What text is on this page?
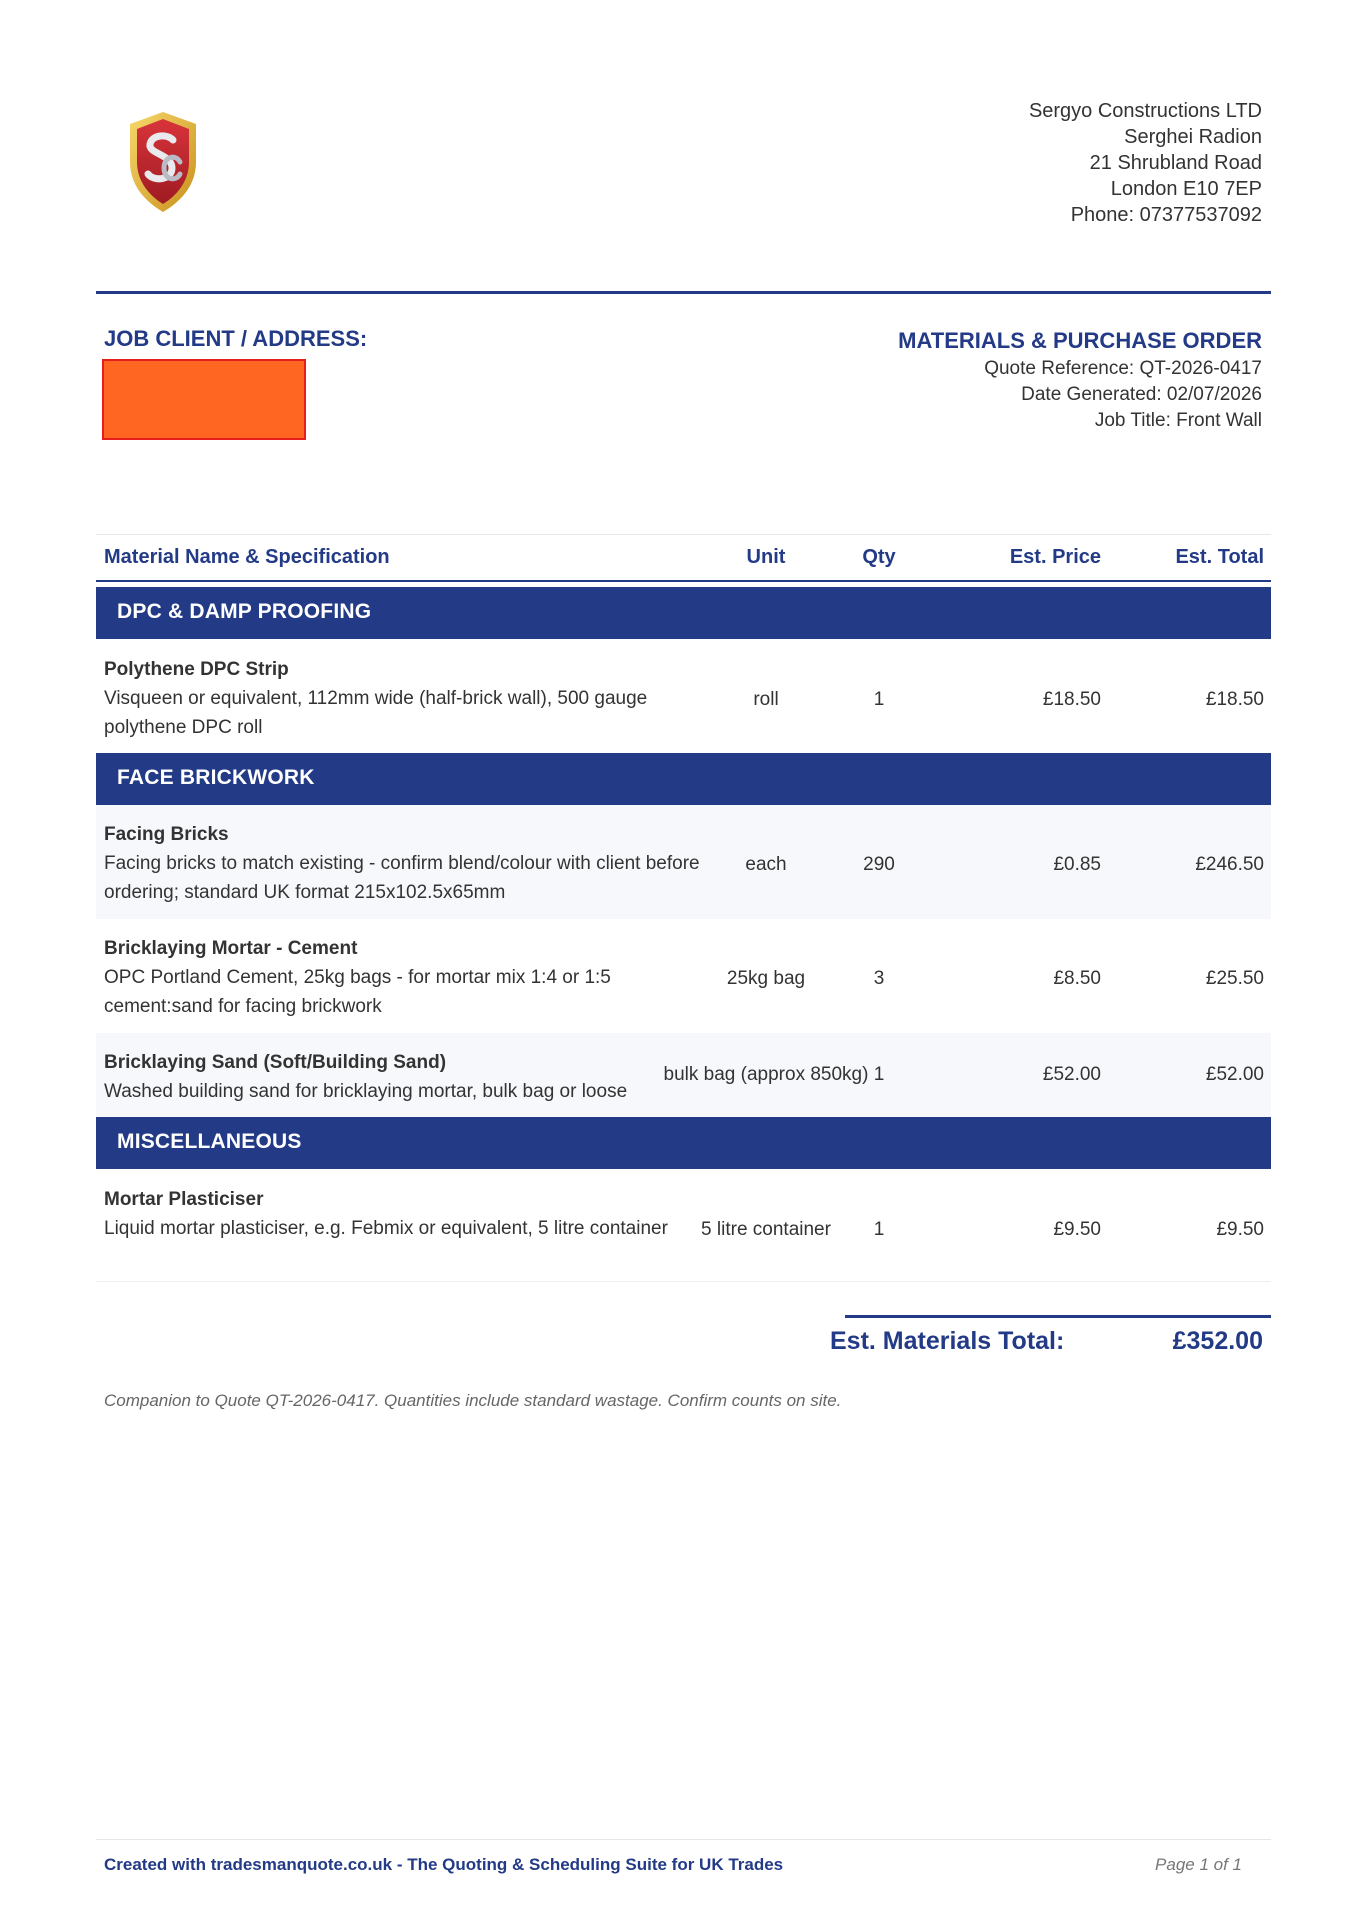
Sergyo Constructions LTD
Serghei Radion
21 Shrubland Road
London E10 7EP
Phone: 07377537092
JOB CLIENT / ADDRESS:	MATERIALS & PURCHASE ORDER
Quote Reference: QT-2026-0417
Date Generated: 02/07/2026
Job Title: Front Wall
Material Name & Specification	Unit	Qty	Est. Price	Est. Total
DPC & DAMP PROOFING
Polythene DPC Strip
Visqueen or equivalent, 112mm wide (half-brick wall), 500 gauge polythene DPC roll
roll	1	£18.50	£18.50
FACE BRICKWORK
Facing Bricks
Facing bricks to match existing - confirm blend/colour with client before ordering; standard UK format 215x102.5x65mm
each	290	£0.85	£246.50
Bricklaying Mortar - Cement
OPC Portland Cement, 25kg bags - for mortar mix 1:4 or 1:5 cement:sand for facing brickwork
25kg bag	3	£8.50	£25.50
Bricklaying Sand (Soft/Building Sand)
Washed building sand for bricklaying mortar, bulk bag or loose
bulk bag (approx 850kg) 1	£52.00	£52.00
MISCELLANEOUS
Mortar Plasticiser
Liquid mortar plasticiser, e.g. Febmix or equivalent, 5 litre container	5 litre container	1	£9.50	£9.50
Est. Materials Total:	£352.00
Companion to Quote QT-2026-0417. Quantities include standard wastage. Confirm counts on site.
Created with tradesmanquote.co.uk - The Quoting & Scheduling Suite for UK Trades	Page 1 of 1
